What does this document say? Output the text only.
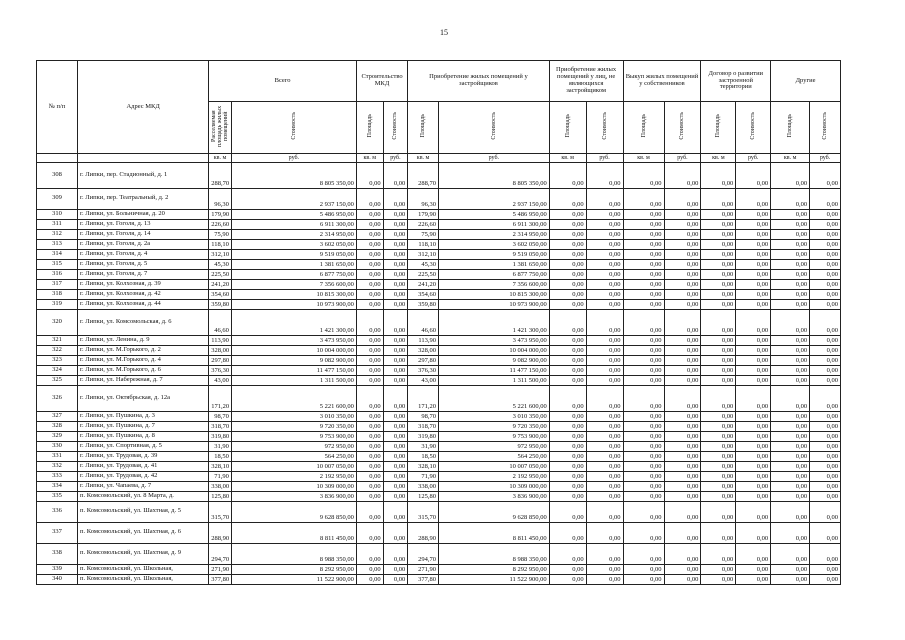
15
№ п/п	Адрес МКД	Всего		Строительство МКД		Приобретение жилых помещений у застройщиков		Приобретение жилых помещений у лиц, не являющихся застройщиком		Выкуп жилых помещений у собственников		Договор о развитии застроенной территории		Другие	
		Расселяемая площадь жилых помещений	Стоимость	Площадь	Стоимость	Площадь	Стоимость	Площадь	Стоимость	Площадь	Стоимость	Площадь	Стоимость	Площадь	Стоимость
		кв. м	руб.	кв. м	руб.	кв. м	руб.	кв. м	руб.	кв. м	руб.	кв. м	руб.	кв. м	руб.
308	г. Липки, пер. Стадионный, д. 1	288,70	8 805 350,00	0,00	0,00	288,70	8 805 350,00	0,00	0,00	0,00	0,00	0,00	0,00	0,00	0,00
309	г. Липки, пер. Театральный, д. 2	96,30	2 937 150,00	0,00	0,00	96,30	2 937 150,00	0,00	0,00	0,00	0,00	0,00	0,00	0,00	0,00
310	г. Липки, ул. Больничная, д. 20	179,90	5 486 950,00	0,00	0,00	179,90	5 486 950,00	0,00	0,00	0,00	0,00	0,00	0,00	0,00	0,00
311	г. Липки, ул. Гоголя, д. 13	226,60	6 911 300,00	0,00	0,00	226,60	6 911 300,00	0,00	0,00	0,00	0,00	0,00	0,00	0,00	0,00
312	г. Липки, ул. Гоголя, д. 14	75,90	2 314 950,00	0,00	0,00	75,90	2 314 950,00	0,00	0,00	0,00	0,00	0,00	0,00	0,00	0,00
313	г. Липки, ул. Гоголя, д. 2а	118,10	3 602 050,00	0,00	0,00	118,10	3 602 050,00	0,00	0,00	0,00	0,00	0,00	0,00	0,00	0,00
314	г. Липки, ул. Гоголя, д. 4	312,10	9 519 050,00	0,00	0,00	312,10	9 519 050,00	0,00	0,00	0,00	0,00	0,00	0,00	0,00	0,00
315	г. Липки, ул. Гоголя, д. 5	45,30	1 381 650,00	0,00	0,00	45,30	1 381 650,00	0,00	0,00	0,00	0,00	0,00	0,00	0,00	0,00
316	г. Липки, ул. Гоголя, д. 7	225,50	6 877 750,00	0,00	0,00	225,50	6 877 750,00	0,00	0,00	0,00	0,00	0,00	0,00	0,00	0,00
317	г. Липки, ул. Колхозная, д. 39	241,20	7 356 600,00	0,00	0,00	241,20	7 356 600,00	0,00	0,00	0,00	0,00	0,00	0,00	0,00	0,00
318	г. Липки, ул. Колхозная, д. 42	354,60	10 815 300,00	0,00	0,00	354,60	10 815 300,00	0,00	0,00	0,00	0,00	0,00	0,00	0,00	0,00
319	г. Липки, ул. Колхозная, д. 44	359,80	10 973 900,00	0,00	0,00	359,80	10 973 900,00	0,00	0,00	0,00	0,00	0,00	0,00	0,00	0,00
320	г. Липки, ул. Комсомольская, д. 6	46,60	1 421 300,00	0,00	0,00	46,60	1 421 300,00	0,00	0,00	0,00	0,00	0,00	0,00	0,00	0,00
321	г. Липки, ул. Ленина, д. 9	113,90	3 473 950,00	0,00	0,00	113,90	3 473 950,00	0,00	0,00	0,00	0,00	0,00	0,00	0,00	0,00
322	г. Липки, ул. М.Горького, д. 2	328,00	10 004 000,00	0,00	0,00	328,00	10 004 000,00	0,00	0,00	0,00	0,00	0,00	0,00	0,00	0,00
323	г. Липки, ул. М.Горького, д. 4	297,80	9 082 900,00	0,00	0,00	297,80	9 082 900,00	0,00	0,00	0,00	0,00	0,00	0,00	0,00	0,00
324	г. Липки, ул. М.Горького, д. 6	376,30	11 477 150,00	0,00	0,00	376,30	11 477 150,00	0,00	0,00	0,00	0,00	0,00	0,00	0,00	0,00
325	г. Липки, ул. Набережная, д. 7	43,00	1 311 500,00	0,00	0,00	43,00	1 311 500,00	0,00	0,00	0,00	0,00	0,00	0,00	0,00	0,00
326	г. Липки, ул. Октябрьская, д. 12а	171,20	5 221 600,00	0,00	0,00	171,20	5 221 600,00	0,00	0,00	0,00	0,00	0,00	0,00	0,00	0,00
327	г. Липки, ул. Пушкина, д. 3	98,70	3 010 350,00	0,00	0,00	98,70	3 010 350,00	0,00	0,00	0,00	0,00	0,00	0,00	0,00	0,00
328	г. Липки, ул. Пушкина, д. 7	318,70	9 720 350,00	0,00	0,00	318,70	9 720 350,00	0,00	0,00	0,00	0,00	0,00	0,00	0,00	0,00
329	г. Липки, ул. Пушкина, д. 8	319,80	9 753 900,00	0,00	0,00	319,80	9 753 900,00	0,00	0,00	0,00	0,00	0,00	0,00	0,00	0,00
330	г. Липки, ул. Спортивная, д. 5	31,90	972 950,00	0,00	0,00	31,90	972 950,00	0,00	0,00	0,00	0,00	0,00	0,00	0,00	0,00
331	г. Липки, ул. Трудовая, д. 39	18,50	564 250,00	0,00	0,00	18,50	564 250,00	0,00	0,00	0,00	0,00	0,00	0,00	0,00	0,00
332	г. Липки, ул. Трудовая, д. 41	328,10	10 007 050,00	0,00	0,00	328,10	10 007 050,00	0,00	0,00	0,00	0,00	0,00	0,00	0,00	0,00
333	г. Липки, ул. Трудовая, д. 42	71,90	2 192 950,00	0,00	0,00	71,90	2 192 950,00	0,00	0,00	0,00	0,00	0,00	0,00	0,00	0,00
334	г. Липки, ул. Чапаева, д. 7	338,00	10 309 000,00	0,00	0,00	338,00	10 309 000,00	0,00	0,00	0,00	0,00	0,00	0,00	0,00	0,00
335	п. Комсомольский, ул. 8 Марта, д.	125,80	3 836 900,00	0,00	0,00	125,80	3 836 900,00	0,00	0,00	0,00	0,00	0,00	0,00	0,00	0,00
336	п. Комсомольский, ул. Шахтная, д. 5	315,70	9 628 850,00	0,00	0,00	315,70	9 628 850,00	0,00	0,00	0,00	0,00	0,00	0,00	0,00	0,00
337	п. Комсомольский, ул. Шахтная, д. 6	288,90	8 811 450,00	0,00	0,00	288,90	8 811 450,00	0,00	0,00	0,00	0,00	0,00	0,00	0,00	0,00
338	п. Комсомольский, ул. Шахтная, д. 9	294,70	8 988 350,00	0,00	0,00	294,70	8 988 350,00	0,00	0,00	0,00	0,00	0,00	0,00	0,00	0,00
339	п. Комсомольский, ул. Школьная,	271,90	8 292 950,00	0,00	0,00	271,90	8 292 950,00	0,00	0,00	0,00	0,00	0,00	0,00	0,00	0,00
340	п. Комсомольский, ул. Школьная,	377,80	11 522 900,00	0,00	0,00	377,80	11 522 900,00	0,00	0,00	0,00	0,00	0,00	0,00	0,00	0,00
